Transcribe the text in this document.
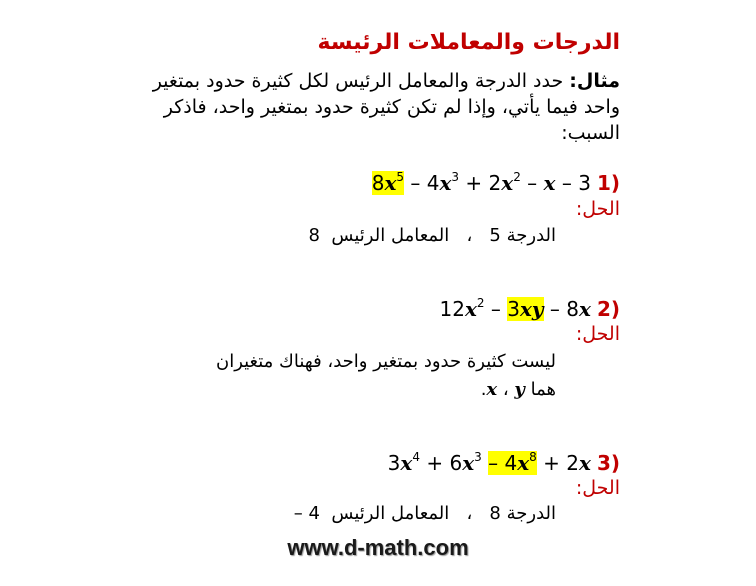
الدرجات والمعاملات الرئيسة
مثال: حدد الدرجة والمعامل الرئيس لكل كثيرة حدود بمتغير واحد فيما يأتي، وإذا لم تكن كثيرة حدود بمتغير واحد، فاذكر السبب:
$8x^5 - 4x^3 + 2x^2 - x - 3$ 1)
الحل:
الدرجة 5   ،   المعامل الرئيس  8
$12x^2 - 3xy - 8x$ 2)
الحل:
ليست كثيرة حدود بمتغير واحد، فهناك متغيران
هما x ، y.
$3x^4 + 6x^3 - 4x^8 + 2x$ 3)
الحل:
الدرجة 8   ،   المعامل الرئيس  4 –
www.d-math.com
